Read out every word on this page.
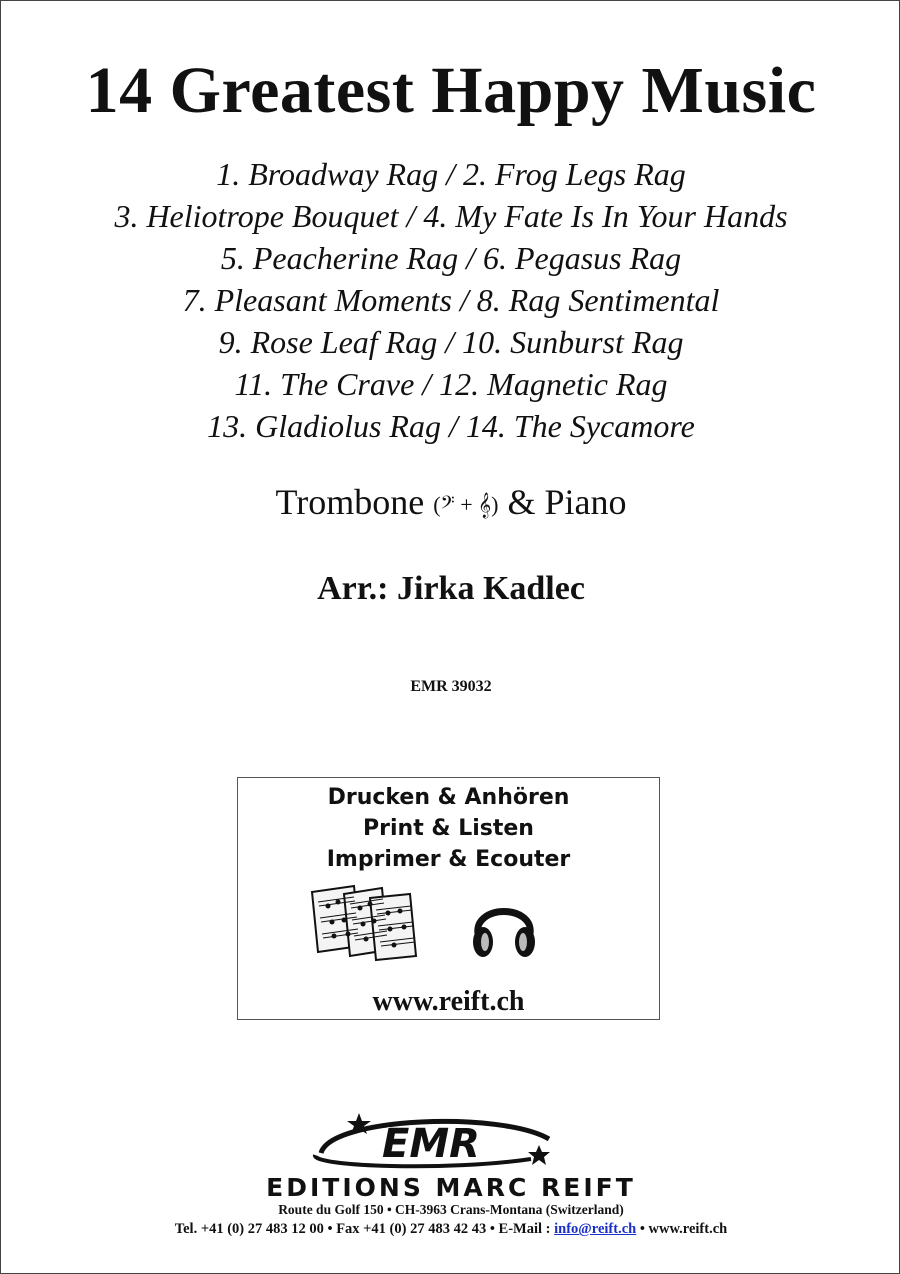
14 Greatest Happy Music
1. Broadway Rag / 2. Frog Legs Rag
3. Heliotrope Bouquet / 4. My Fate Is In Your Hands
5. Peacherine Rag / 6. Pegasus Rag
7. Pleasant Moments / 8. Rag Sentimental
9. Rose Leaf Rag / 10. Sunburst Rag
11. The Crave / 12. Magnetic Rag
13. Gladiolus Rag / 14. The Sycamore
Trombone (𝄢 + 𝄞) & Piano
Arr.: Jirka Kadlec
EMR 39032
Drucken & Anhören
Print & Listen
Imprimer & Ecouter
www.reift.ch
EMR
EDITIONS MARC REIFT
Route du Golf 150 • CH-3963 Crans-Montana (Switzerland)
Tel. +41 (0) 27 483 12 00 • Fax +41 (0) 27 483 42 43 • E-Mail : info@reift.ch • www.reift.ch
